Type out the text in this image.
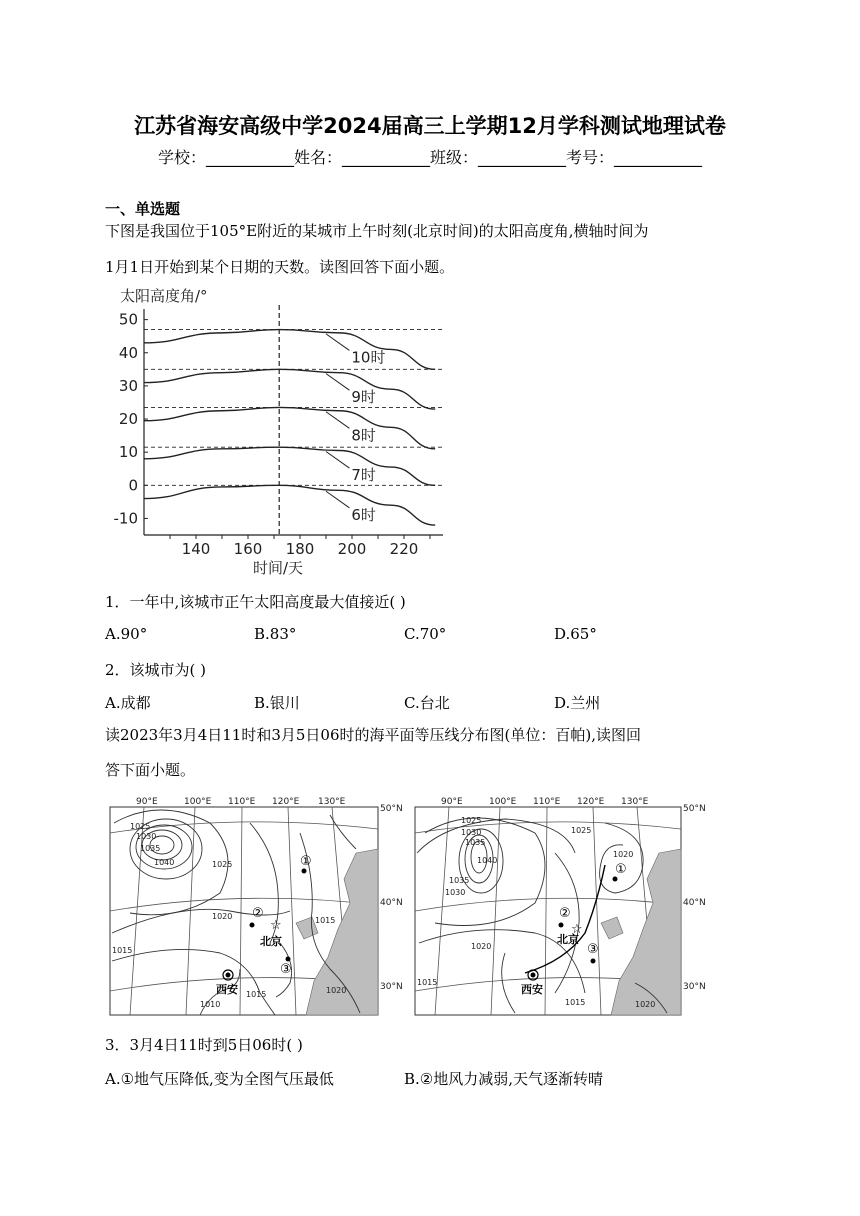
江苏省海安高级中学2024届高三上学期12月学科测试地理试卷
学校：___________姓名：___________班级：___________考号：___________
一、单选题
下图是我国位于105°E附近的某城市上午时刻(北京时间)的太阳高度角,横轴时间为
1月1日开始到某个日期的天数。读图回答下面小题。
太阳高度角/°
时间/天
10时
9时
8时
7时
6时
140 160 180 200 220
50
40
30
20
10
0
-10
1．一年中,该城市正午太阳高度最大值接近( )
A.90°	B.83°	C.70°	D.65°
2．该城市为( )
A.成都	B.银川	C.台北	D.兰州
读2023年3月4日11时和3月5日06时的海平面等压线分布图(单位：百帕),读图回
答下面小题。
1025
1030
1035
1040	1025
1020	1015
1010
1015	1020
1015
90°E	100°E 110°E 120°E 130°E
50°N
40°N
30°N
①
②
☆
北京
③
西安
1025
1030
1035
1040
1035
1030
1025
1020
1020
1015
1015	1020
90°E	100°E 110°E 120°E 130°E
50°N
40°N
30°N
①
②
☆
北京
③
西安
3．3月4日11时到5日06时( )
A.①地气压降低,变为全图气压最低	B.②地风力减弱,天气逐渐转晴
